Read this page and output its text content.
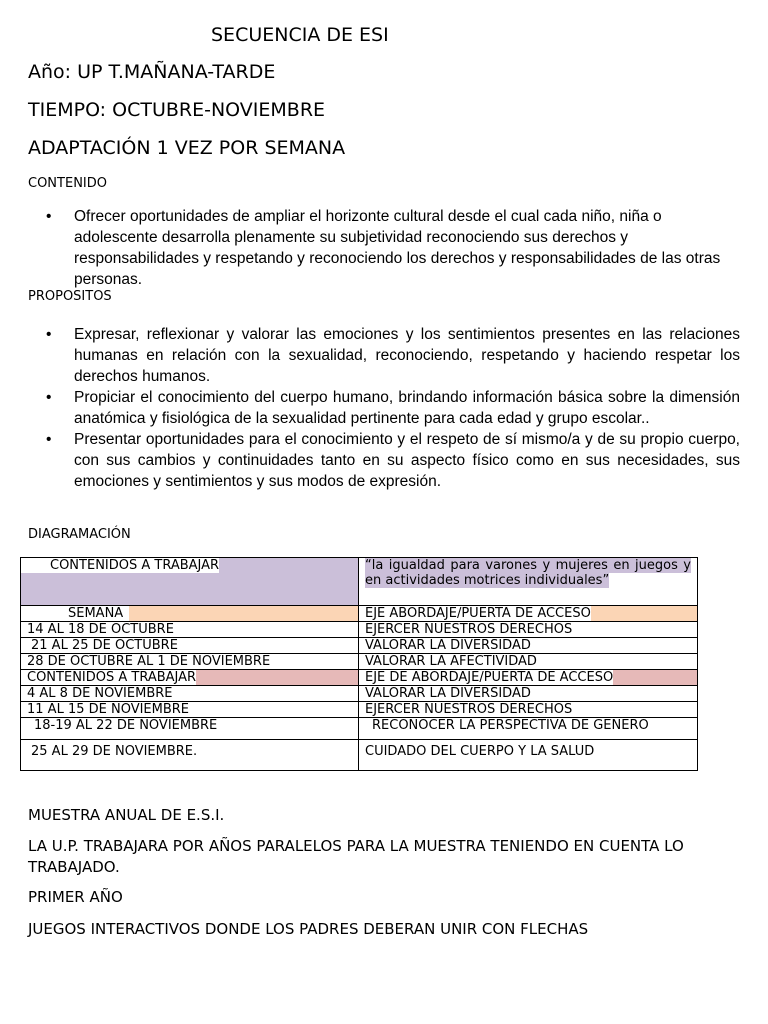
SECUENCIA DE ESI
Año: UP T.MAÑANA-TARDE
TIEMPO: OCTUBRE-NOVIEMBRE
ADAPTACIÓN 1 VEZ POR SEMANA
CONTENIDO
• Ofrecer oportunidades de ampliar el horizonte cultural desde el cual cada niño, niña o adolescente desarrolla plenamente su subjetividad reconociendo sus derechos y responsabilidades y respetando y reconociendo los derechos y responsabilidades de las otras personas.
PROPOSITOS
• Expresar, reflexionar y valorar las emociones y los sentimientos presentes en las relaciones humanas en relación con la sexualidad, reconociendo, respetando y haciendo respetar los derechos humanos.
• Propiciar el conocimiento del cuerpo humano, brindando información básica sobre la dimensión anatómica y fisiológica de la sexualidad pertinente para cada edad y grupo escolar..
• Presentar oportunidades para el conocimiento y el respeto de sí mismo/a y de su propio cuerpo, con sus cambios y continuidades tanto en su aspecto físico como en sus necesidades, sus emociones y sentimientos y sus modos de expresión.
DIAGRAMACIÓN
CONTENIDOS A TRABAJAR	“la igualdad para varones y mujeres en juegos y en actividades motrices individuales”
SEMANA	EJE ABORDAJE/PUERTA DE ACCESO
14 AL 18 DE OCTUBRE	EJERCER NUESTROS DERECHOS
21 AL 25 DE OCTUBRE	VALORAR LA DIVERSIDAD
28 DE OCTUBRE AL 1 DE NOVIEMBRE	VALORAR LA AFECTIVIDAD
CONTENIDOS A TRABAJAR	EJE DE ABORDAJE/PUERTA DE ACCESO
4 AL 8 DE NOVIEMBRE	VALORAR LA DIVERSIDAD
11 AL 15 DE NOVIEMBRE	EJERCER NUESTROS DERECHOS
18-19 AL 22 DE NOVIEMBRE	RECONOCER LA PERSPECTIVA DE GENERO
25 AL 29 DE NOVIEMBRE.	CUIDADO DEL CUERPO Y LA SALUD
MUESTRA ANUAL DE E.S.I.
LA U.P. TRABAJARA POR AÑOS PARALELOS PARA LA MUESTRA TENIENDO EN CUENTA LO TRABAJADO.
PRIMER AÑO
JUEGOS INTERACTIVOS DONDE LOS PADRES DEBERAN UNIR CON FLECHAS
